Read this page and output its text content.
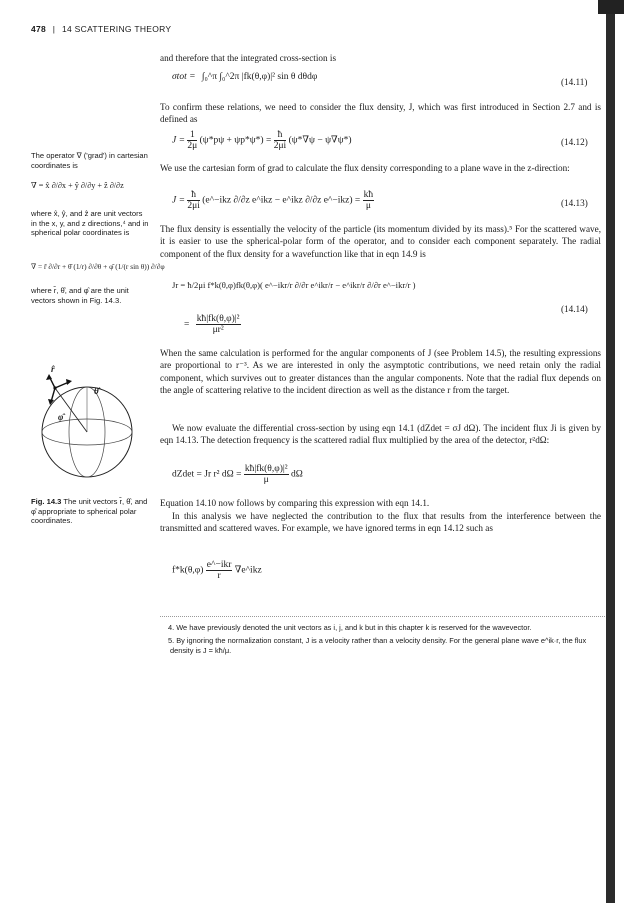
478 | 14 SCATTERING THEORY
and therefore that the integrated cross-section is
σtot = ∫₀^π ∫₀^2π |fk(θ,φ)|² sin θ dθdφ	(14.11)
To confirm these relations, we need to consider the flux density, J, which was first introduced in Section 2.7 and is defined as
$J = \frac{1}{2\mu} (\psi*p\psi + \psi p*\psi*) = \frac{ħ}{2\mu i} (\psi*\nabla\psi - \psi\nabla\psi*)$	(14.12)
We use the cartesian form of grad to calculate the flux density corresponding to a plane wave in the z-direction:
$J = \frac{ħ}{2\mu i}$ (e^−ikz ∂/∂z e^ikz − e^ikz ∂/∂z e^−ikz) = $\frac{kħ}{\mu}$	(14.13)
The flux density is essentially the velocity of the particle (its momentum divided by its mass).⁵ For the scattered wave, it is easier to use the spherical-polar form of the operator, and to consider each component separately. The radial component of the flux density for a wavefunction like that in eqn 14.9 is
Jr = ħ/2μi f*k(θ,φ)fk(θ,φ)( e^−ikr/r ∂/∂r e^ikr/r − e^ikr/r ∂/∂r e^−ikr/r )
= $\frac{\text{kħ|fk(θ,φ)|²}}{\text{μr²}}$
(14.14)
When the same calculation is performed for the angular components of J (see Problem 14.5), the resulting expressions are proportional to r⁻³. As we are interested in only the asymptotic contributions, we need retain only the radial component, which survives out to greater distances than the angular components. Note that the radial flux depends on the angle of scattering relative to the incident direction as well as the distance r from the target.
We now evaluate the differential cross-section by using eqn 14.1 (dZdet = σJ dΩ). The incident flux Ji is given by eqn 14.13. The detection frequency is the scattered radial flux multiplied by the area of the detector, r²dΩ:
dZdet = Jr r² $d\Omega = \frac{\text{kħ|fk(θ,φ)|²}}{\mu}$ dΩ
Equation 14.10 now follows by comparing this expression with eqn 14.1.
In this analysis we have neglected the contribution to the flux that results from the interference between the transmitted and scattered waves. For example, we have ignored terms in eqn 14.12 such as
$f*k(\theta,\varphi) \frac{\text{e\textasciicircum{}−ikr}}{r}$ ∇e^ikz
4. We have previously denoted the unit vectors as i, j, and k but in this chapter k is reserved for the wavevector.
5. By ignoring the normalization constant, J is a velocity rather than a velocity density. For the general plane wave e^ik·r, the flux density is J = kħ/μ.
The operator ∇ ('grad') in cartesian coordinates is
∇ = x̂ ∂/∂x + ŷ ∂/∂y + ẑ ∂/∂z
where x̂, ŷ, and ẑ are unit vectors in the x, y, and z directions,⁴ and in spherical polar coordinates is
∇ = r̂ ∂/∂r + θ̂ (1/r) ∂/∂θ + φ̂ (1/(r sin θ)) ∂/∂φ
where r̂, θ̂, and φ̂ are the unit vectors shown in Fig. 14.3.
r̂
θ̂
φ̂
Fig. 14.3 The unit vectors r̂, θ̂, and φ̂ appropriate to spherical polar coordinates.
